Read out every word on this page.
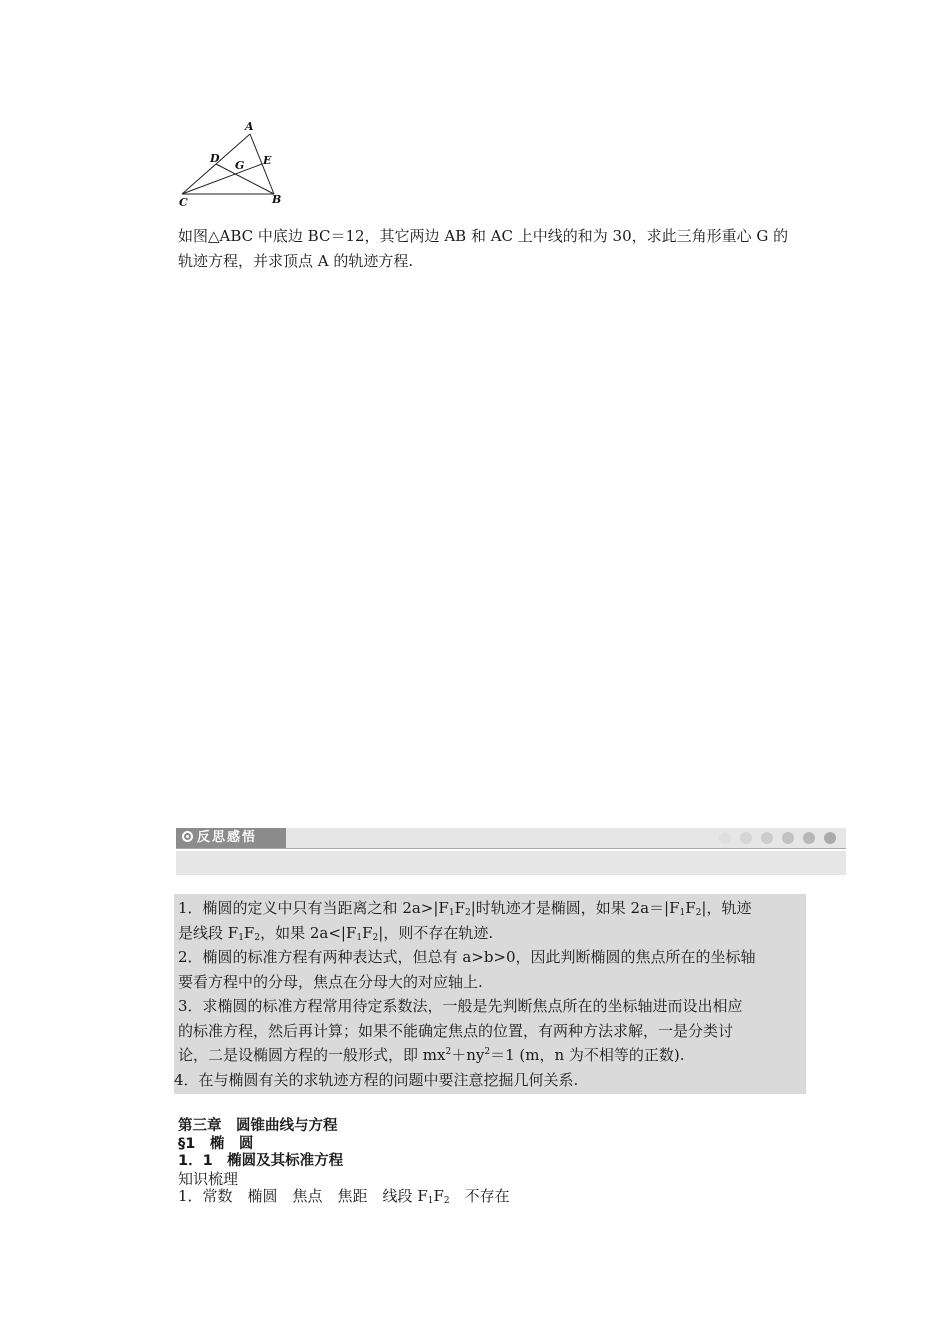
A
D
G E
C	B

如图△ABC 中底边 BC＝12，其它两边 AB 和 AC 上中线的和为 30，求此三角形重心 G 的

轨迹方程，并求顶点 A 的轨迹方程.

反思感悟

1．椭圆的定义中只有当距离之和 $2a>|F_1F_2|$时轨迹才是椭圆，如果 $2a=|F_1F_2|$，轨迹

是线段 $F_1F_2$，如果 $2a<|F_1F_2|$，则不存在轨迹.

2．椭圆的标准方程有两种表达式，但总有 a>b>0，因此判断椭圆的焦点所在的坐标轴

要看方程中的分母，焦点在分母大的对应轴上.

3．求椭圆的标准方程常用待定系数法，一般是先判断焦点所在的坐标轴进而设出相应

的标准方程，然后再计算；如果不能确定焦点的位置，有两种方法求解，一是分类讨

论，二是设椭圆方程的一般形式，即 $mx^2+ny^2=1$ (m，n 为不相等的正数).

4．在与椭圆有关的求轨迹方程的问题中要注意挖掘几何关系.

第三章　圆锥曲线与方程
§1　椭　圆
1．1　椭圆及其标准方程
知识梳理
1．常数　椭圆　焦点　焦距　线段 $F_1F_2$　不存在
